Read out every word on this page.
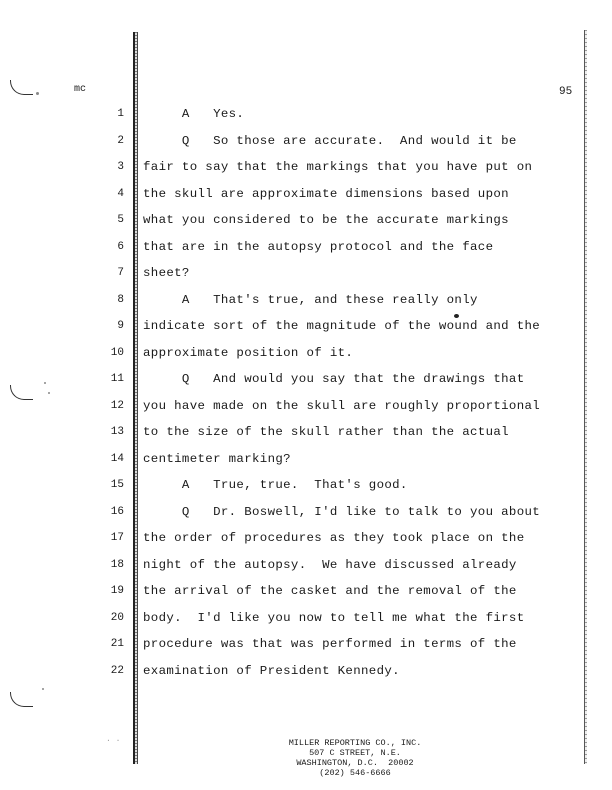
mc	95
1 A   Yes.
2 Q   So those are accurate.  And would it be
3 fair to say that the markings that you have put on
4 the skull are approximate dimensions based upon
5 what you considered to be the accurate markings
6 that are in the autopsy protocol and the face
7 sheet?
8 A   That's true, and these really only
9 indicate sort of the magnitude of the wound and the
10 approximate position of it.
11 Q   And would you say that the drawings that
12 you have made on the skull are roughly proportional
13 to the size of the skull rather than the actual
14 centimeter marking?
15 A   True, true.  That's good.
16 Q   Dr. Boswell, I'd like to talk to you about
17 the order of procedures as they took place on the
18 night of the autopsy.  We have discussed already
19 the arrival of the casket and the removal of the
20 body.  I'd like you now to tell me what the first
21 procedure was that was performed in terms of the
22 examination of President Kennedy.
. .	MILLER REPORTING CO., INC.
507 C STREET, N.E.
WASHINGTON, D.C.  20002
(202) 546-6666
